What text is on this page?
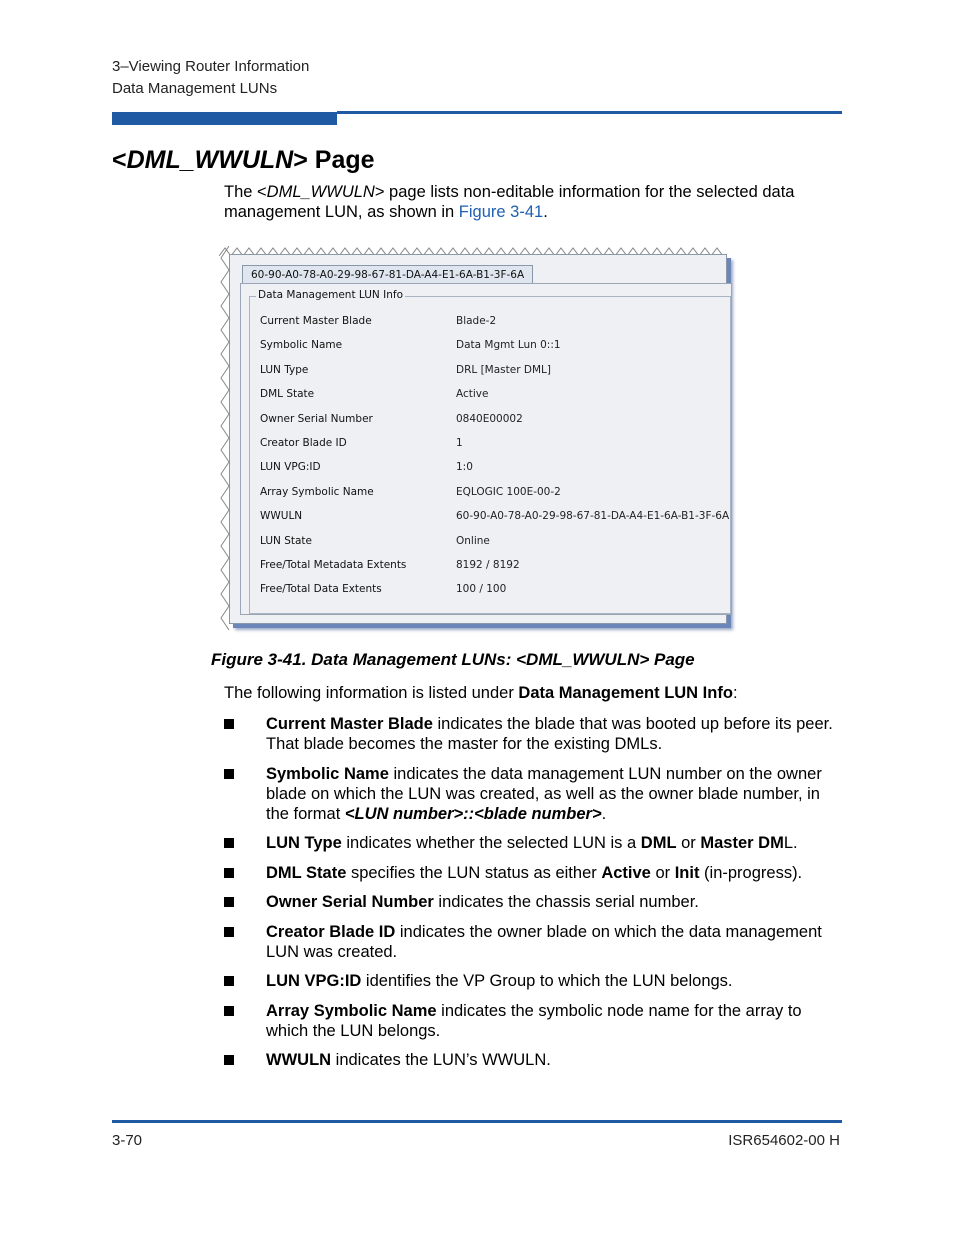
3–Viewing Router Information
Data Management LUNs
<DML_WWULN> Page
The <DML_WWULN> page lists non-editable information for the selected data management LUN, as shown in Figure 3-41.
60-90-A0-78-A0-29-98-67-81-DA-A4-E1-6A-B1-3F-6A
Data Management LUN Info
Current Master Blade	Blade-2
Symbolic Name	Data Mgmt Lun 0::1
LUN Type	DRL [Master DML]
DML State	Active
Owner Serial Number	0840E00002
Creator Blade ID	1
LUN VPG:ID	1:0
Array Symbolic Name	EQLOGIC 100E-00-2
WWULN	60-90-A0-78-A0-29-98-67-81-DA-A4-E1-6A-B1-3F-6A
LUN State	Online
Free/Total Metadata Extents	8192 / 8192
Free/Total Data Extents	100 / 100
Figure 3-41. Data Management LUNs: <DML_WWULN> Page
The following information is listed under Data Management LUN Info:
Current Master Blade indicates the blade that was booted up before its peer. That blade becomes the master for the existing DMLs.
Symbolic Name indicates the data management LUN number on the owner blade on which the LUN was created, as well as the owner blade number, in the format <LUN number>::<blade number>.
LUN Type indicates whether the selected LUN is a DML or Master DML.
DML State specifies the LUN status as either Active or Init (in-progress).
Owner Serial Number indicates the chassis serial number.
Creator Blade ID indicates the owner blade on which the data management LUN was created.
LUN VPG:ID identifies the VP Group to which the LUN belongs.
Array Symbolic Name indicates the symbolic node name for the array to which the LUN belongs.
WWULN indicates the LUN’s WWULN.
3-70	ISR654602-00 H
